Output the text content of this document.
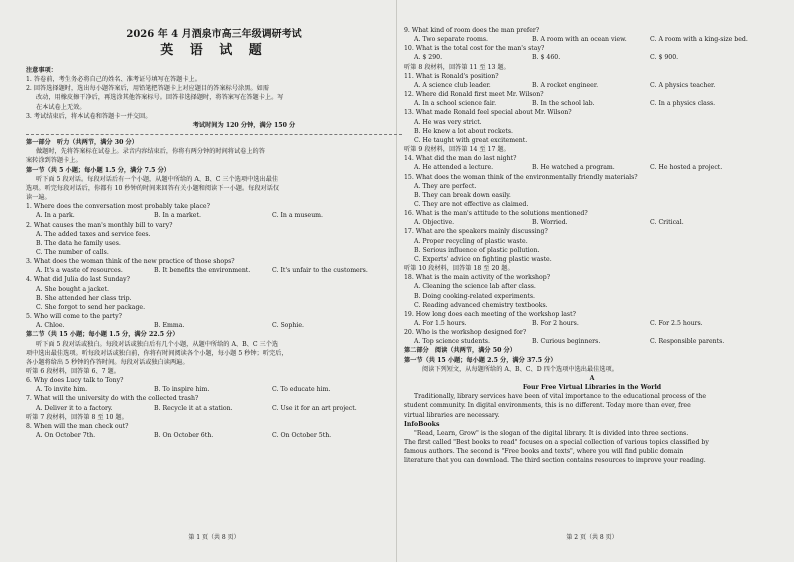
2026 年 4 月酒泉市高三年级调研考试
英 语 试 题
注意事项：
1. 答卷前，考生务必将自己的姓名、准考证号填写在答题卡上。
2. 回答选择题时，选出每小题答案后，用铅笔把答题卡上对应题目的答案标号涂黑。如需
改动，用橡皮擦干净后，再选涂其他答案标号。回答非选择题时，将答案写在答题卡上。写
在本试卷上无效。
3. 考试结束后，将本试卷和答题卡一并交回。
考试时间为 120 分钟，满分 150 分
第一部分　听力（共两节，满分 30 分）
做题时，先将答案标在试卷上。录音内容结束后，你将有两分钟的时间将试卷上的答
案转涂到答题卡上。
第一节（共 5 小题；每小题 1.5 分，满分 7.5 分）
听下面 5 段对话。每段对话后有一个小题，从题中所给的 A、B、C 三个选项中选出最佳
选项。听完每段对话后，你都有 10 秒钟的时间来回答有关小题和阅读下一小题。每段对话仅
读一遍。
1. Where does the conversation most probably take place?
A. In a park.	B. In a market.	C. In a museum.
2. What causes the man's monthly bill to vary?
A. The added taxes and service fees.
B. The data he family uses.
C. The number of calls.
3. What does the woman think of the new practice of those shops?
A. It's a waste of resources.	B. It benefits the environment.	C. It's unfair to the customers.
4. What did Julia do last Sunday?
A. She bought a jacket.
B. She attended her class trip.
C. She forgot to send her package.
5. Who will come to the party?
A. Chloe.	B. Emma.	C. Sophie.
第二节（共 15 小题；每小题 1.5 分，满分 22.5 分）
听下面 5 段对话或独白。每段对话或独白后有几个小题，从题中所给的 A、B、C 三个选
项中选出最佳选项。听每段对话或独白前，你将有时间阅读各个小题，每小题 5 秒钟；听完后，
各小题将给出 5 秒钟的作答时间。每段对话或独白读两遍。
听第 6 段材料，回答第 6、7 题。
6. Why does Lucy talk to Tony?
A. To invite him.	B. To inspire him.	C. To educate him.
7. What will the university do with the collected trash?
A. Deliver it to a factory.	B. Recycle it at a station.	C. Use it for an art project.
听第 7 段材料，回答第 8 至 10 题。
8. When will the man check out?
A. On October 7th.	B. On October 6th.	C. On October 5th.
第 1 页（共 8 页）
9. What kind of room does the man prefer?
A. Two separate rooms.	B. A room with an ocean view.	C. A room with a king-size bed.
10. What is the total cost for the man's stay?
A. $ 290.	B. $ 460.	C. $ 900.
听第 8 段材料，回答第 11 至 13 题。
11. What is Ronald's position?
A. A science club leader.	B. A rocket engineer.	C. A physics teacher.
12. Where did Ronald first meet Mr. Wilson?
A. In a school science fair.	B. In the school lab.	C. In a physics class.
13. What made Ronald feel special about Mr. Wilson?
A. He was very strict.
B. He knew a lot about rockets.
C. He taught with great excitement.
听第 9 段材料，回答第 14 至 17 题。
14. What did the man do last night?
A. He attended a lecture.	B. He watched a program.	C. He hosted a project.
15. What does the woman think of the environmentally friendly materials?
A. They are perfect.
B. They can break down easily.
C. They are not effective as claimed.
16. What is the man's attitude to the solutions mentioned?
A. Objective.	B. Worried.	C. Critical.
17. What are the speakers mainly discussing?
A. Proper recycling of plastic waste.
B. Serious influence of plastic pollution.
C. Experts' advice on fighting plastic waste.
听第 10 段材料，回答第 18 至 20 题。
18. What is the main activity of the workshop?
A. Cleaning the science lab after class.
B. Doing cooking-related experiments.
C. Reading advanced chemistry textbooks.
19. How long does each meeting of the workshop last?
A. For 1.5 hours.	B. For 2 hours.	C. For 2.5 hours.
20. Who is the workshop designed for?
A. Top science students.	B. Curious beginners.	C. Responsible parents.
第二部分　阅读（共两节，满分 50 分）
第一节（共 15 小题；每小题 2.5 分，满分 37.5 分）
阅读下列短文，从每题所给的 A、B、C、D 四个选项中选出最佳选项。
A
Four Free Virtual Libraries in the World
Traditionally, library services have been of vital importance to the educational process of the
student community. In digital environments, this is no different. Today more than ever, free
virtual libraries are necessary.
InfoBooks
"Read, Learn, Grow" is the slogan of the digital library. It is divided into three sections.
The first called "Best books to read" focuses on a special collection of various topics classified by
famous authors. The second is "Free books and texts", where you will find public domain
literature that you can download. The third section contains resources to improve your reading.
第 2 页（共 8 页）
